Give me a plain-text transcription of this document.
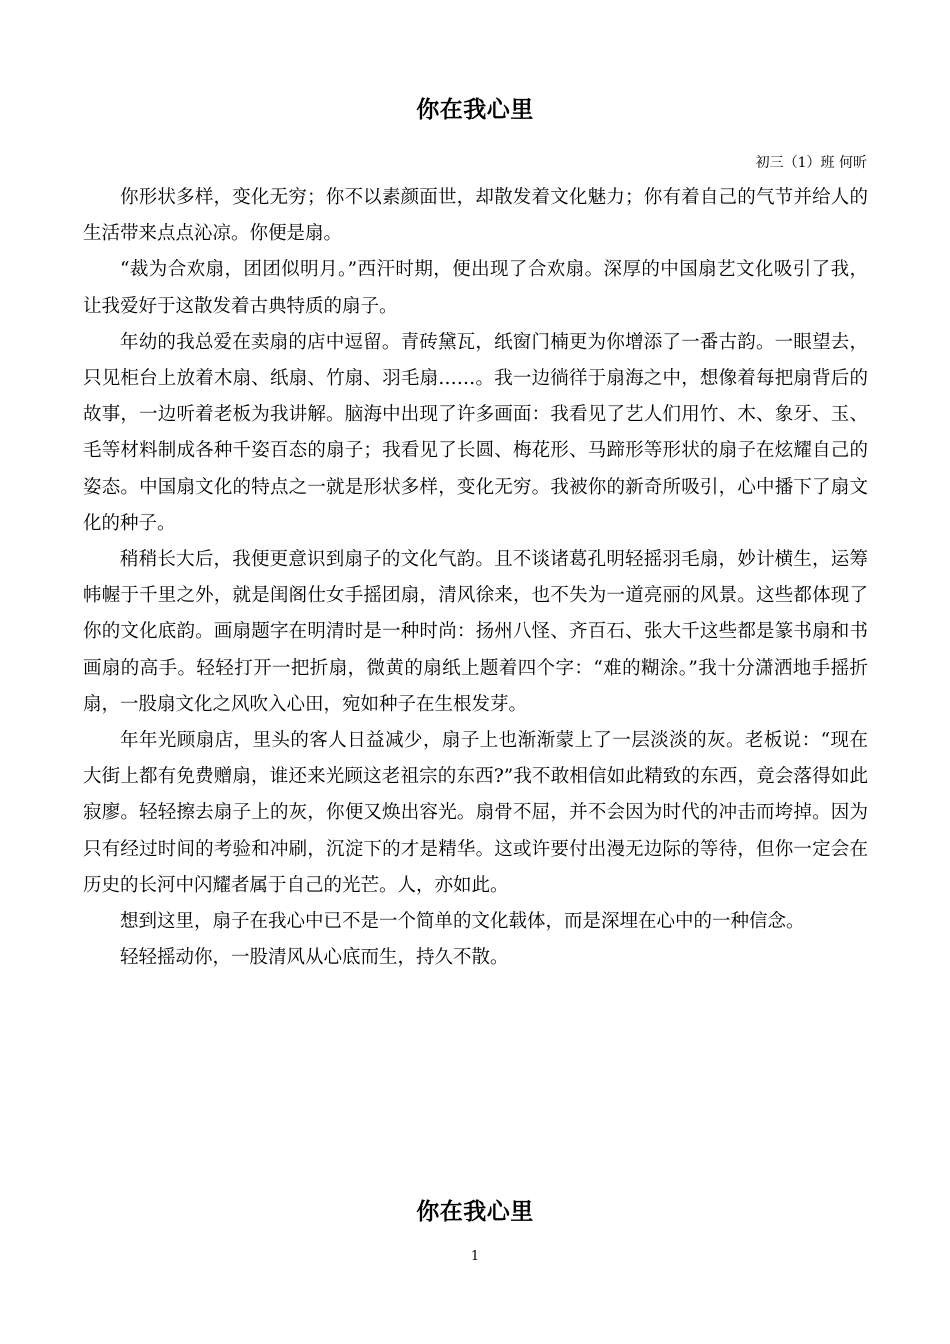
你在我心里

初三（1）班 何昕

你形状多样，变化无穷；你不以素颜面世，却散发着文化魅力；你有着自己的气节并给人的生活带来点点沁凉。你便是扇。

“裁为合欢扇，团团似明月。”西汗时期，便出现了合欢扇。深厚的中国扇艺文化吸引了我，让我爱好于这散发着古典特质的扇子。

年幼的我总爱在卖扇的店中逗留。青砖黛瓦，纸窗门楠更为你增添了一番古韵。一眼望去，只见柜台上放着木扇、纸扇、竹扇、羽毛扇……。我一边徜徉于扇海之中，想像着每把扇背后的故事，一边听着老板为我讲解。脑海中出现了许多画面：我看见了艺人们用竹、木、象牙、玉、毛等材料制成各种千姿百态的扇子；我看见了长圆、梅花形、马蹄形等形状的扇子在炫耀自己的姿态。中国扇文化的特点之一就是形状多样，变化无穷。我被你的新奇所吸引，心中播下了扇文化的种子。

稍稍长大后，我便更意识到扇子的文化气韵。且不谈诸葛孔明轻摇羽毛扇，妙计横生，运筹帏幄于千里之外，就是闺阁仕女手摇团扇，清风徐来，也不失为一道亮丽的风景。这些都体现了你的文化底韵。画扇题字在明清时是一种时尚：扬州八怪、齐百石、张大千这些都是篆书扇和书画扇的高手。轻轻打开一把折扇，微黄的扇纸上题着四个字：“难的糊涂。”我十分潇洒地手摇折扇，一股扇文化之风吹入心田，宛如种子在生根发芽。

年年光顾扇店，里头的客人日益减少，扇子上也渐渐蒙上了一层淡淡的灰。老板说：“现在大街上都有免费赠扇，谁还来光顾这老祖宗的东西?”我不敢相信如此精致的东西，竟会落得如此寂廖。轻轻擦去扇子上的灰，你便又焕出容光。扇骨不屈，并不会因为时代的冲击而垮掉。因为只有经过时间的考验和冲刷，沉淀下的才是精华。这或许要付出漫无边际的等待，但你一定会在历史的长河中闪耀者属于自己的光芒。人，亦如此。

想到这里，扇子在我心中已不是一个简单的文化载体，而是深埋在心中的一种信念。

轻轻摇动你，一股清风从心底而生，持久不散。

你在我心里

1
